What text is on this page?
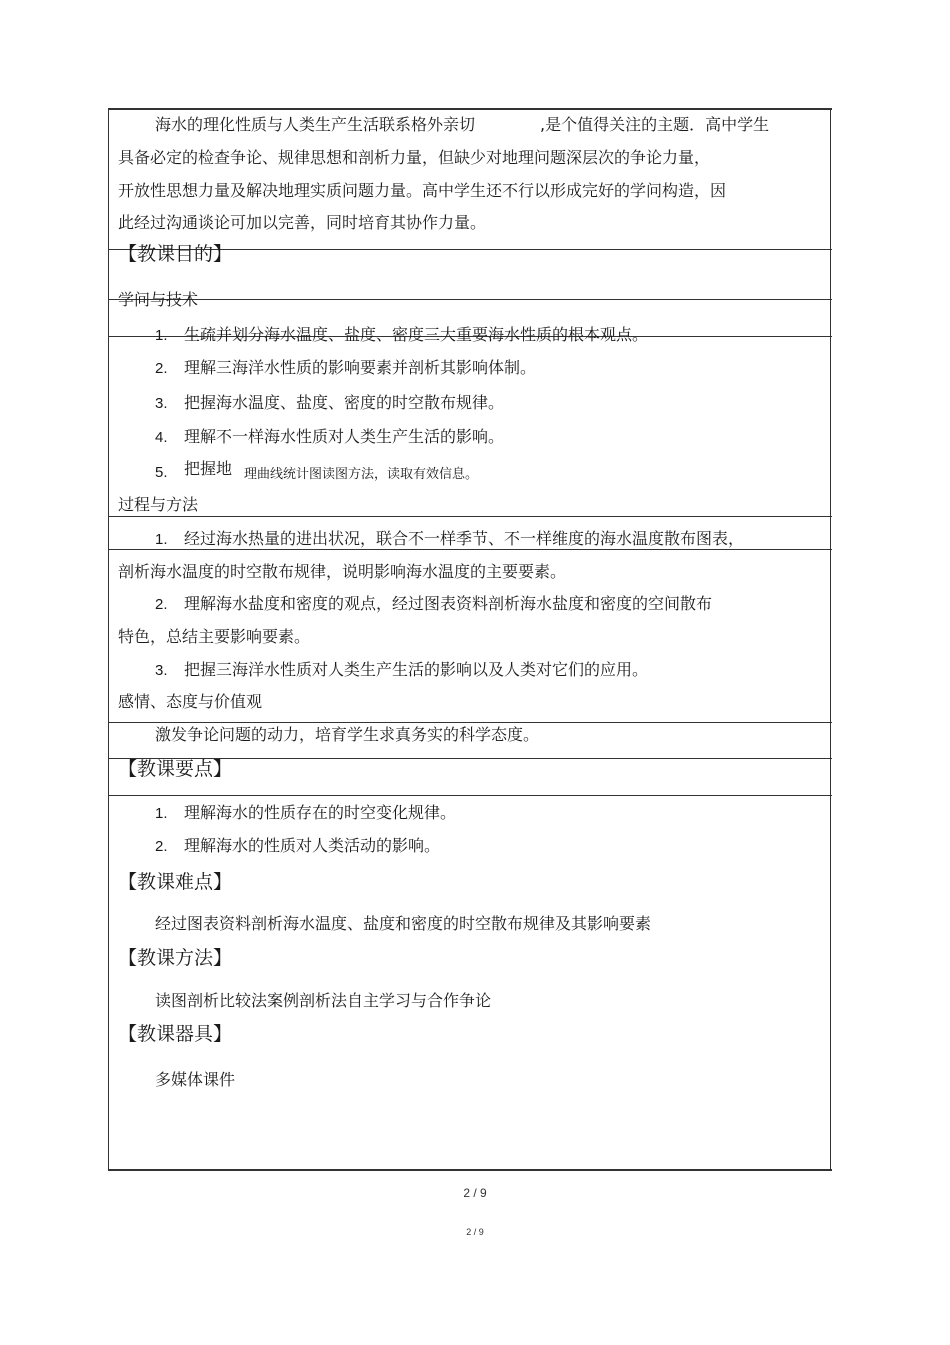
海水的理化性质与人类生产生活联系格外亲切	,是个值得关注的主题．高中学生
具备必定的检查争论、规律思想和剖析力量，但缺少对地理问题深层次的争论力量，
开放性思想力量及解决地理实质问题力量。高中学生还不行以形成完好的学问构造，因
此经过沟通谈论可加以完善，同时培育其协作力量。
【教课目的】
学问与技术
1. 生疏并划分海水温度、盐度、密度三大重要海水性质的根本观点。
2. 理解三海洋水性质的影响要素并剖析其影响体制。
3. 把握海水温度、盐度、密度的时空散布规律。
4. 理解不一样海水性质对人类生产生活的影响。
5. 把握地 理曲线统计图读图方法，读取有效信息。
过程与方法
1. 经过海水热量的进出状况，联合不一样季节、不一样维度的海水温度散布图表，
剖析海水温度的时空散布规律，说明影响海水温度的主要要素。
2. 理解海水盐度和密度的观点，经过图表资料剖析海水盐度和密度的空间散布
特色，总结主要影响要素。
3. 把握三海洋水性质对人类生产生活的影响以及人类对它们的应用。
感情、态度与价值观
激发争论问题的动力，培育学生求真务实的科学态度。
【教课要点】
1. 理解海水的性质存在的时空变化规律。
2. 理解海水的性质对人类活动的影响。
【教课难点】
经过图表资料剖析海水温度、盐度和密度的时空散布规律及其影响要素
【教课方法】
读图剖析比较法案例剖析法自主学习与合作争论
【教课器具】
多媒体课件
2 / 9
2 / 9
